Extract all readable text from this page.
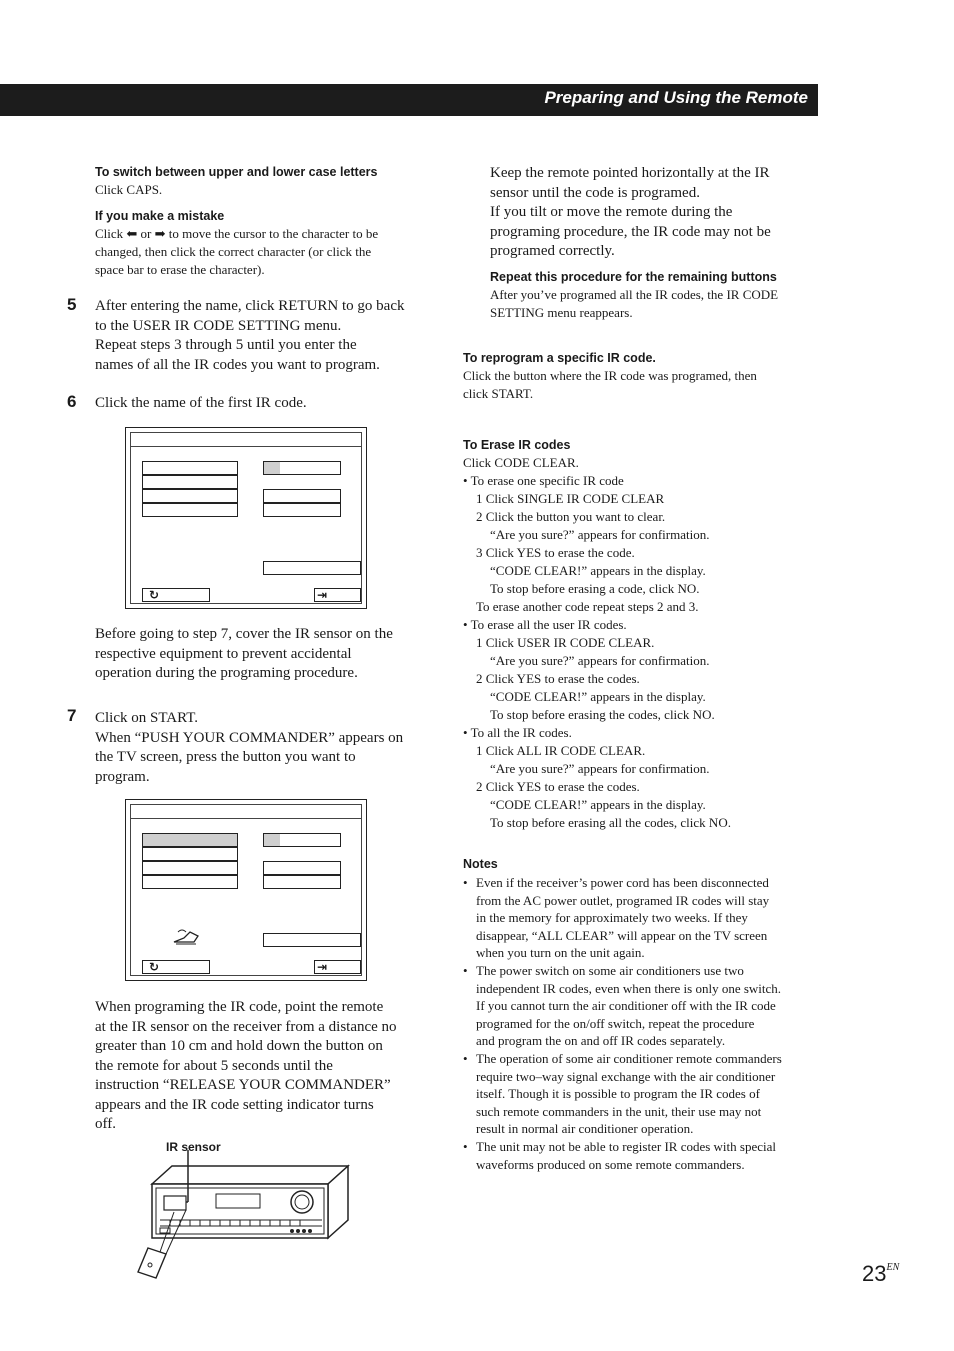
Preparing and Using the Remote
To switch between upper and lower case letters
Click CAPS.
If you make a mistake
Click ⬅ or ➡ to move the cursor to the character to be
changed, then click the correct character (or click the
space bar to erase the character).
5 After entering the name, click RETURN to go back
to the USER IR CODE SETTING menu.
Repeat steps 3 through 5 until you enter the
names of all the IR codes you want to program.
6 Click the name of the first IR code.
↻	⇥
Before going to step 7, cover the IR sensor on the
respective equipment to prevent accidental
operation during the programing procedure.
7 Click on START.
When “PUSH YOUR COMMANDER” appears on
the TV screen, press the button you want to
program.
↻	⇥
When programing the IR code, point the remote
at the IR sensor on the receiver from a distance no
greater than 10 cm and hold down the button on
the remote for about 5 seconds until the
instruction “RELEASE YOUR COMMANDER”
appears and the IR code setting indicator turns
off.
IR sensor
Keep the remote pointed horizontally at the IR
sensor until the code is programed.
If you tilt or move the remote during the
programing procedure, the IR code may not be
programed correctly.
Repeat this procedure for the remaining buttons
After you’ve programed all the IR codes, the IR CODE
SETTING menu reappears.
To reprogram a specific IR code.
Click the button where the IR code was programed, then
click START.
To Erase IR codes
Click CODE CLEAR.
• To erase one specific IR code
1 Click SINGLE IR CODE CLEAR
2 Click the button you want to clear.
“Are you sure?” appears for confirmation.
3 Click YES to erase the code.
“CODE CLEAR!” appears in the display.
To stop before erasing a code, click NO.
To erase another code repeat steps 2 and 3.
• To erase all the user IR codes.
1 Click USER IR CODE CLEAR.
“Are you sure?” appears for confirmation.
2 Click YES to erase the codes.
“CODE CLEAR!” appears in the display.
To stop before erasing the codes, click NO.
• To all the IR codes.
1 Click ALL IR CODE CLEAR.
“Are you sure?” appears for confirmation.
2 Click YES to erase the codes.
“CODE CLEAR!” appears in the display.
To stop before erasing all the codes, click NO.
Notes
• Even if the receiver’s power cord has been disconnected
from the AC power outlet, programed IR codes will stay
in the memory for approximately two weeks. If they
disappear, “ALL CLEAR” will appear on the TV screen
when you turn on the unit again.
• The power switch on some air conditioners use two
independent IR codes, even when there is only one switch.
If you cannot turn the air conditioner off with the IR code
programed for the on/off switch, repeat the procedure
and program the on and off IR codes separately.
• The operation of some air conditioner remote commanders
require two–way signal exchange with the air conditioner
itself. Though it is possible to program the IR codes of
such remote commanders in the unit, their use may not
result in normal air conditioner operation.
• The unit may not be able to register IR codes with special
waveforms produced on some remote commanders.
$23^{EN}$
